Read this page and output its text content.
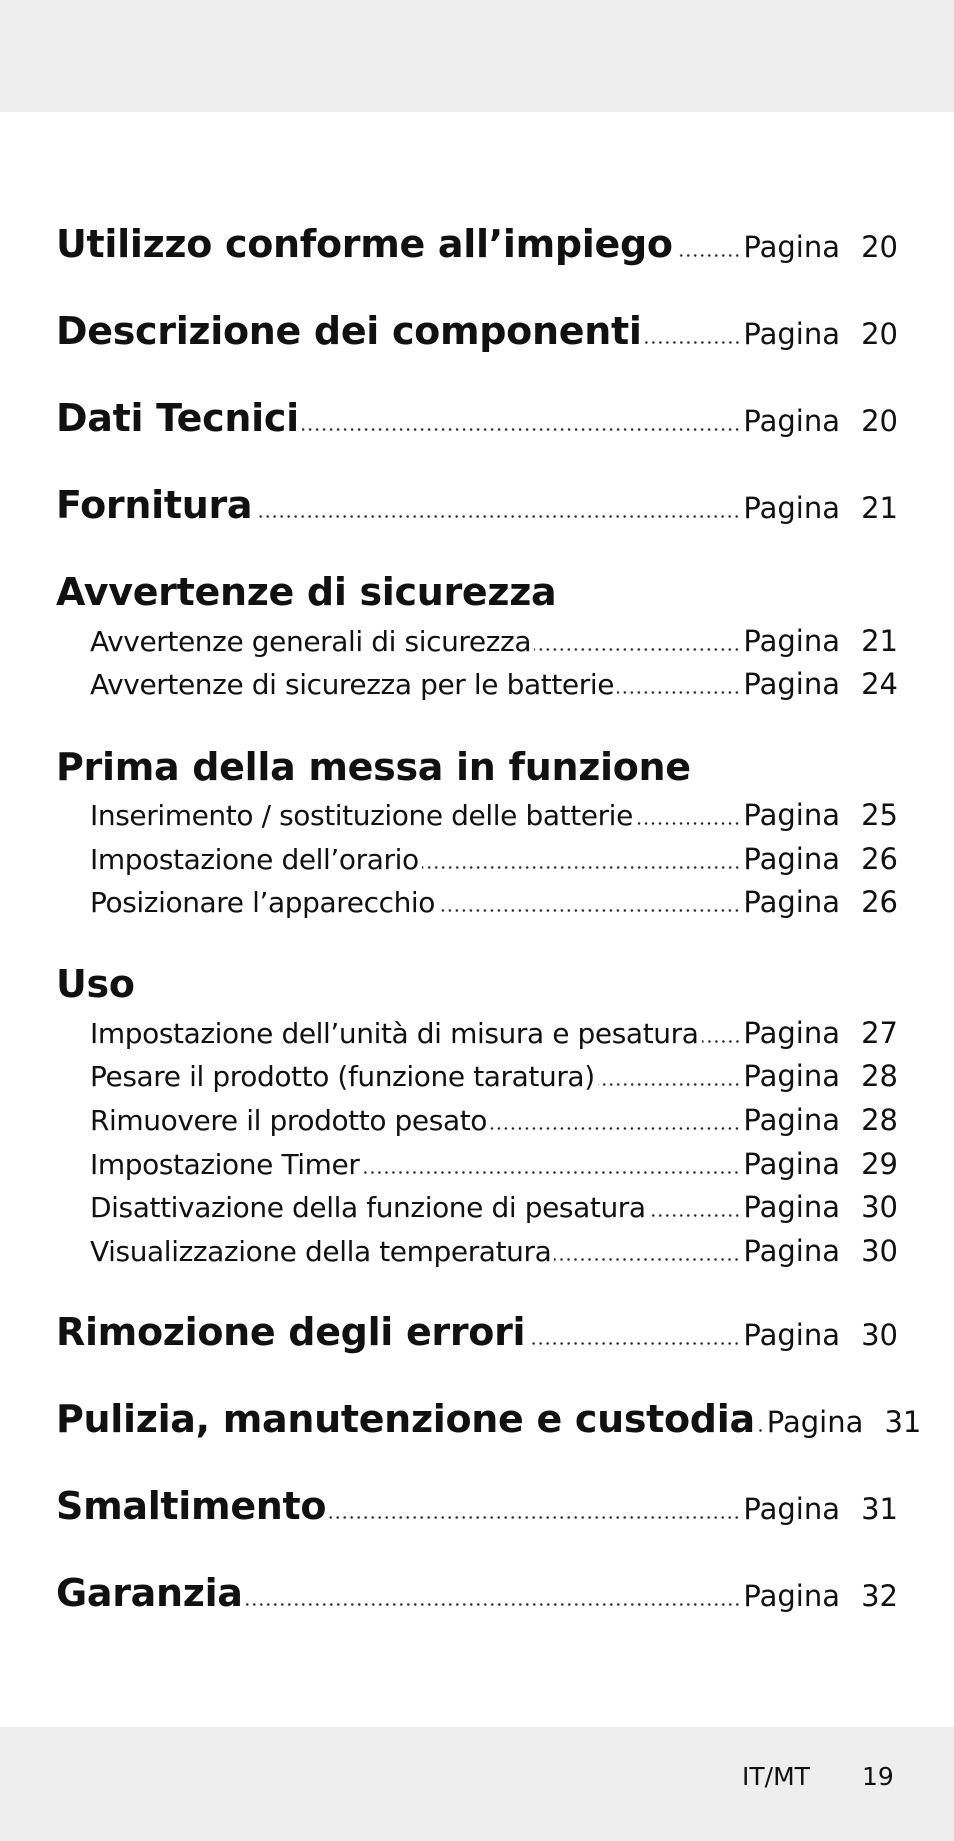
Utilizzo conforme all’impiego Pagina 20
Descrizione dei componenti	Pagina 20
Dati Tecnici	Pagina 20
Fornitura	Pagina 21
Avvertenze di sicurezza
Avvertenze generali di sicurezza	Pagina 21
Avvertenze di sicurezza per le batterie	Pagina 24
Prima della messa in funzione
Inserimento / sostituzione delle batterie	Pagina 25
Impostazione dell’orario	Pagina 26
Posizionare l’apparecchio	Pagina 26
Uso
Impostazione dell’unità di misura e pesatura Pagina 27
Pesare il prodotto (funzione taratura)	Pagina 28
Rimuovere il prodotto pesato	Pagina 28
Impostazione Timer	Pagina 29
Disattivazione della funzione di pesatura	Pagina 30
Visualizzazione della temperatura	Pagina 30
Rimozione degli errori	Pagina 30
Pulizia, manutenzione e custodia Pagina 31
Smaltimento	Pagina 31
Garanzia	Pagina 32
IT/MT 19
